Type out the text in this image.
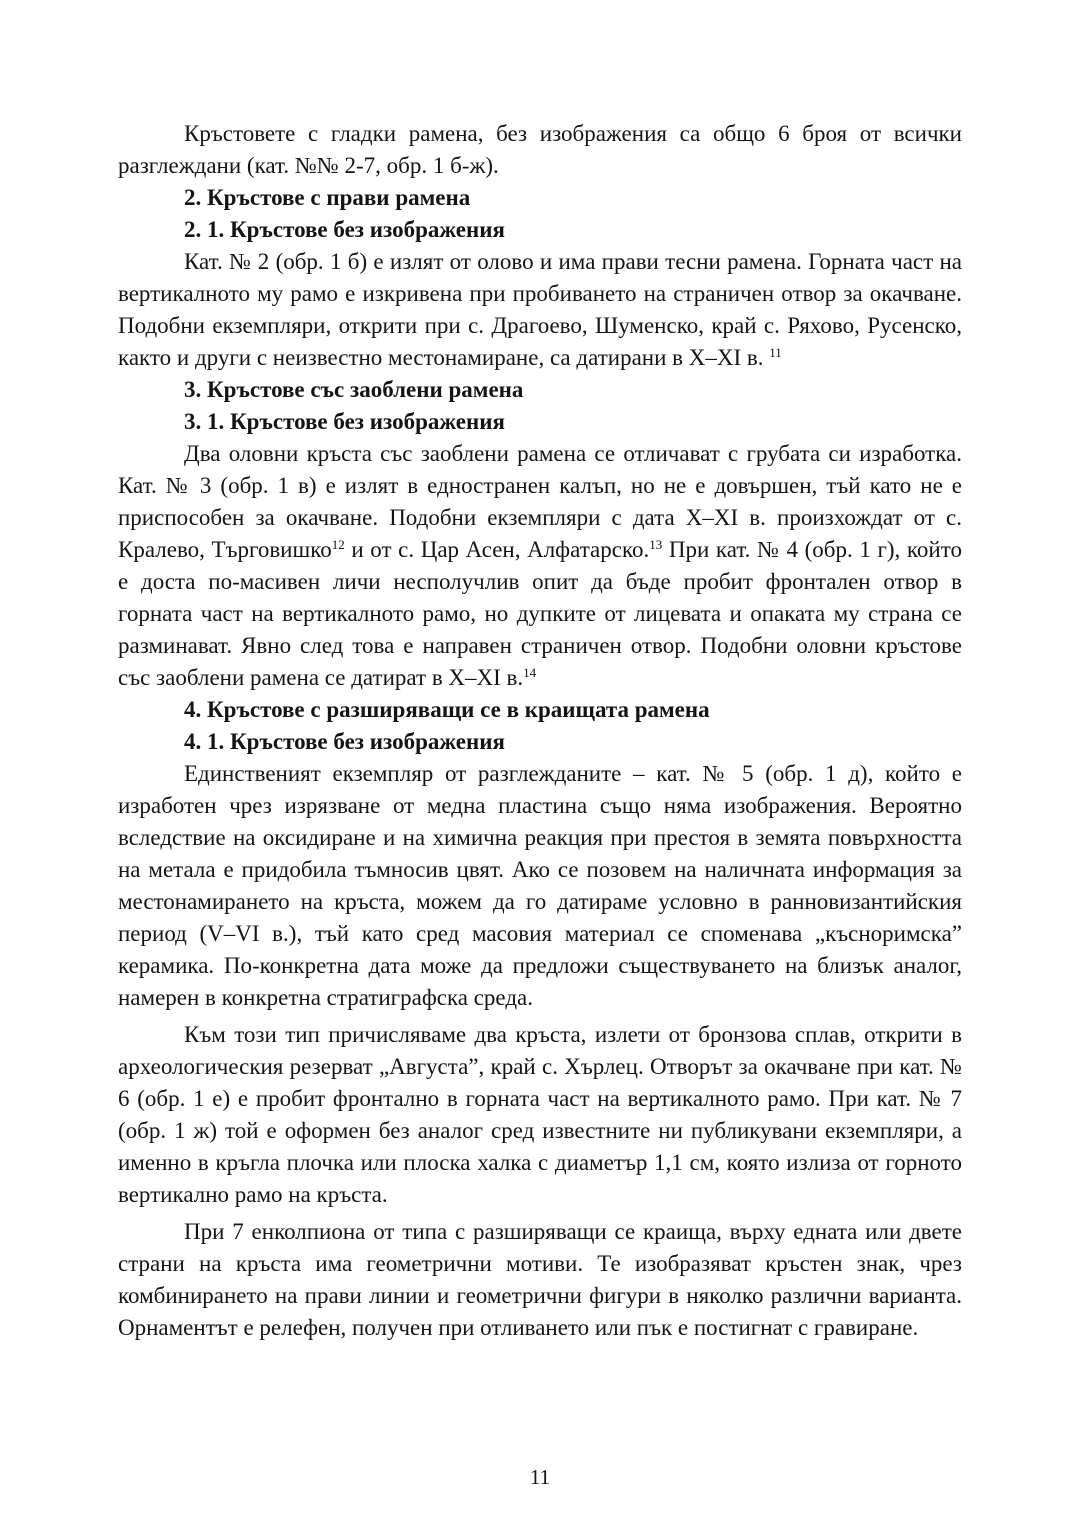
Кръстовете с гладки рамена, без изображения са общо 6 броя от всички разглеждани (кат. №№ 2-7, обр. 1 б-ж).

2. Кръстове с прави рамена

2. 1. Кръстове без изображения

Кат. № 2 (обр. 1 б) е излят от олово и има прави тесни рамена. Горната част на вертикалното му рамо е изкривена при пробиването на страничен отвор за окачване. Подобни екземпляри, открити при с. Драгоево, Шуменско, край с. Ряхово, Русенско, както и други с неизвестно местонамиране, са датирани в X–XI в. $^{11}$

3. Кръстове със заоблени рамена

3. 1. Кръстове без изображения

Два оловни кръста със заоблени рамена се отличават с грубата си изработка. Кат. № 3 (обр. 1 в) е излят в едностранен калъп, но не е довършен, тъй като не е приспособен за окачване. Подобни екземпляри с дата X–XI в. произхождат от с. Кралево, Търговишко$^{12}$ и от с. Цар Асен, Алфатарско.$^{13}$ При кат. № 4 (обр. 1 г), който е доста по-масивен личи несполучлив опит да бъде пробит фронтален отвор в горната част на вертикалното рамо, но дупките от лицевата и опаката му страна се разминават. Явно след това е направен страничен отвор. Подобни оловни кръстове със заоблени рамена се датират в X–XI в.$^{14}$

4. Кръстове с разширяващи се в краищата рамена

4. 1. Кръстове без изображения

Единственият екземпляр от разглежданите – кат. № 5 (обр. 1 д), който е изработен чрез изрязване от медна пластина също няма изображения. Вероятно вследствие на оксидиране и на химична реакция при престоя в земята повърхността на метала е придобила тъмносив цвят. Ако се позовем на наличната информация за местонамирането на кръста, можем да го датираме условно в ранновизантийския период (V–VI в.), тъй като сред масовия материал се споменава „късноримска” керамика. По-конкретна дата може да предложи съществуването на близък аналог, намерен в конкретна стратиграфска среда.

Към този тип причисляваме два кръста, излети от бронзова сплав, открити в археологическия резерват „Августа”, край с. Хърлец. Отворът за окачване при кат. № 6 (обр. 1 е) е пробит фронтално в горната част на вертикалното рамо. При кат. № 7 (обр. 1 ж) той е оформен без аналог сред известните ни публикувани екземпляри, а именно в кръгла плочка или плоска халка с диаметър 1,1 см, която излиза от горното вертикално рамо на кръста.

При 7 енколпиона от типа с разширяващи се краища, върху едната или двете страни на кръста има геометрични мотиви. Те изобразяват кръстен знак, чрез комбинирането на прави линии и геометрични фигури в няколко различни варианта. Орнаментът е релефен, получен при отливането или пък е постигнат с гравиране.

11
